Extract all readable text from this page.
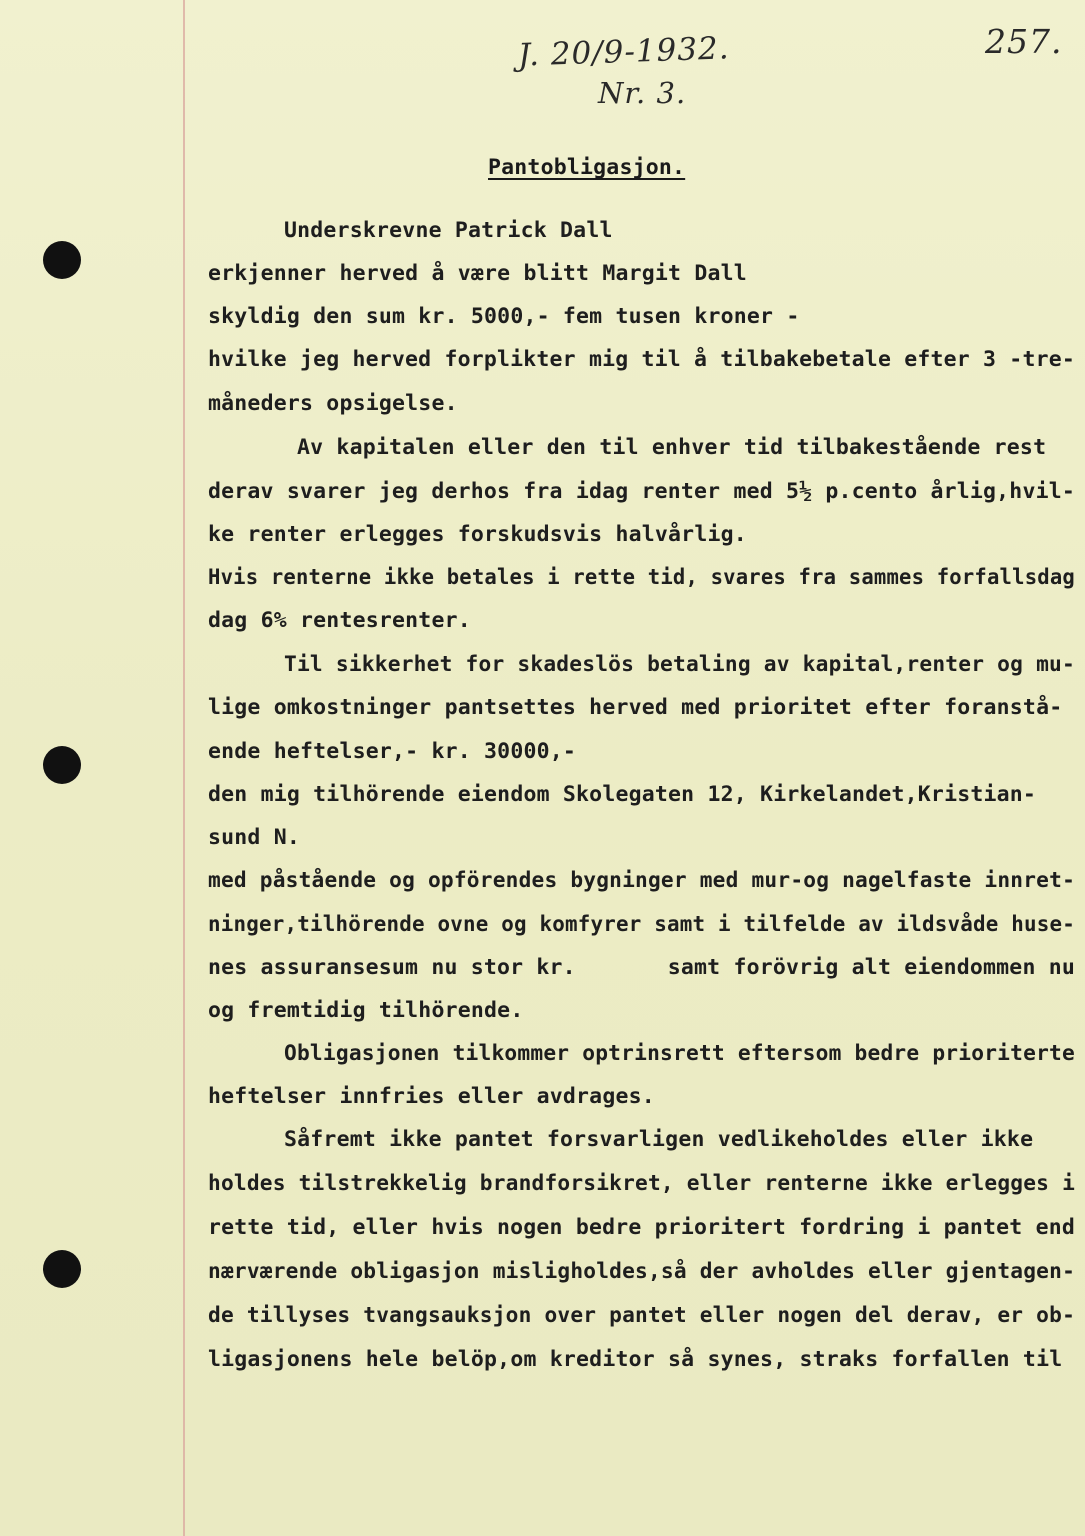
J. 20/9-1932.
Nr. 3.
257.
Pantobligasjon.
Underskrevne Patrick Dall
erkjenner herved å være blitt Margit Dall
skyldig den sum kr. 5000,- fem tusen kroner -
hvilke jeg herved forplikter mig til å tilbakebetale efter 3 -tre-
måneders opsigelse.
Av kapitalen eller den til enhver tid tilbakestående rest
derav svarer jeg derhos fra idag renter med 5½ p.cento årlig,hvil-
ke renter erlegges forskudsvis halvårlig.
Hvis renterne ikke betales i rette tid, svares fra sammes forfallsdag
dag 6% rentesrenter.
Til sikkerhet for skadeslös betaling av kapital,renter og mu-
lige omkostninger pantsettes herved med prioritet efter foranstå-
ende heftelser,- kr. 30000,-
den mig tilhörende eiendom Skolegaten 12, Kirkelandet,Kristian-
sund N.
med påstående og opförendes bygninger med mur-og nagelfaste innret-
ninger,tilhörende ovne og komfyrer samt i tilfelde av ildsvåde huse-
nes assuransesum nu stor kr.       samt forövrig alt eiendommen nu
og fremtidig tilhörende.
Obligasjonen tilkommer optrinsrett eftersom bedre prioriterte
heftelser innfries eller avdrages.
Såfremt ikke pantet forsvarligen vedlikeholdes eller ikke
holdes tilstrekkelig brandforsikret, eller renterne ikke erlegges i
rette tid, eller hvis nogen bedre prioritert fordring i pantet end
nærværende obligasjon misligholdes,så der avholdes eller gjentagen-
de tillyses tvangsauksjon over pantet eller nogen del derav, er ob-
ligasjonens hele belöp,om kreditor så synes, straks forfallen til
